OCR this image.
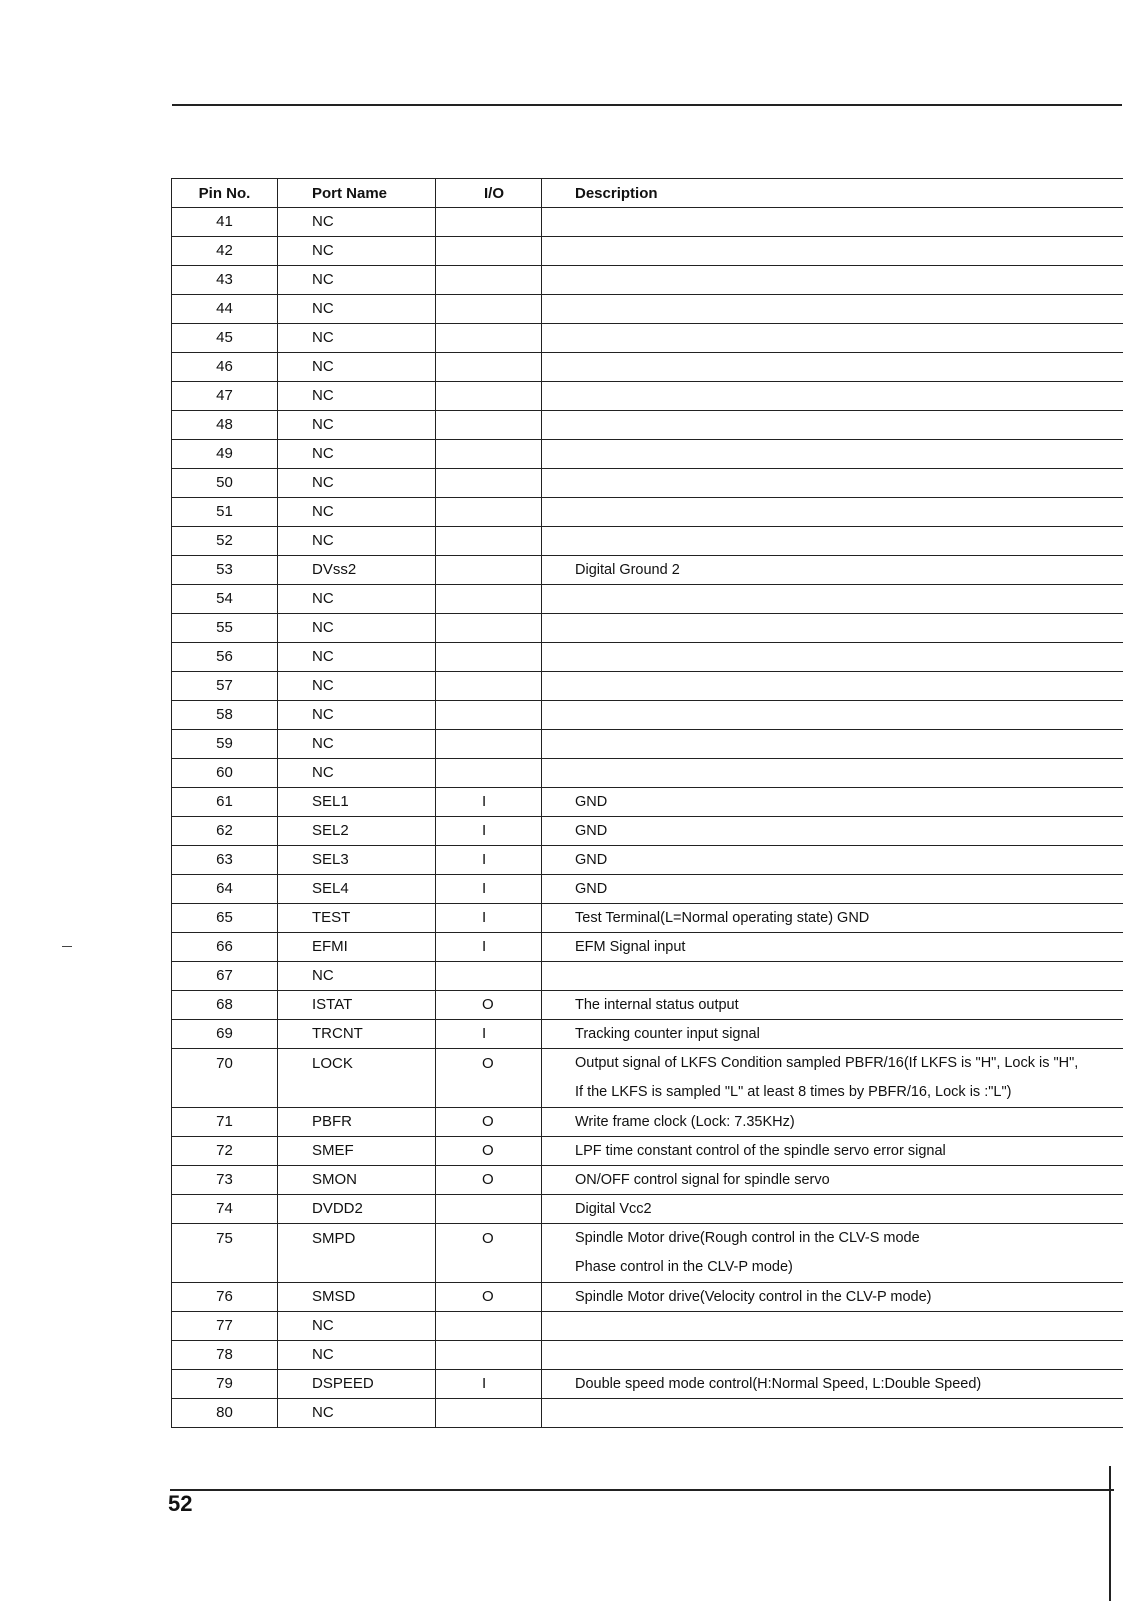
Pin No.	Port Name	I/O	Description
41	NC		
42	NC		
43	NC		
44	NC		
45	NC		
46	NC		
47	NC		
48	NC		
49	NC		
50	NC		
51	NC		
52	NC		
53	DVss2		Digital Ground 2
54	NC		
55	NC		
56	NC		
57	NC		
58	NC		
59	NC		
60	NC		
61	SEL1	I	GND
62	SEL2	I	GND
63	SEL3	I	GND
64	SEL4	I	GND
65	TEST	I	Test Terminal(L=Normal operating state) GND
66	EFMI	I	EFM Signal input
67	NC		
68	ISTAT	O	The internal status output
69	TRCNT	I	Tracking counter input signal
70	LOCK	O	Output signal of LKFS Condition sampled PBFR/16(If LKFS is "H", Lock is "H",
If the LKFS is sampled "L" at least 8 times by PBFR/16, Lock is :"L")

71	PBFR	O	Write frame clock (Lock: 7.35KHz)
72	SMEF	O	LPF time constant control of the spindle servo error signal
73	SMON	O	ON/OFF control signal for spindle servo
74	DVDD2		Digital Vcc2
75	SMPD	O	Spindle Motor drive(Rough control in the CLV-S mode
Phase control in the CLV-P mode)

76	SMSD	O	Spindle Motor drive(Velocity control in the CLV-P mode)
77	NC		
78	NC		
79	DSPEED	I	Double speed mode control(H:Normal Speed, L:Double Speed)
80	NC		
52
